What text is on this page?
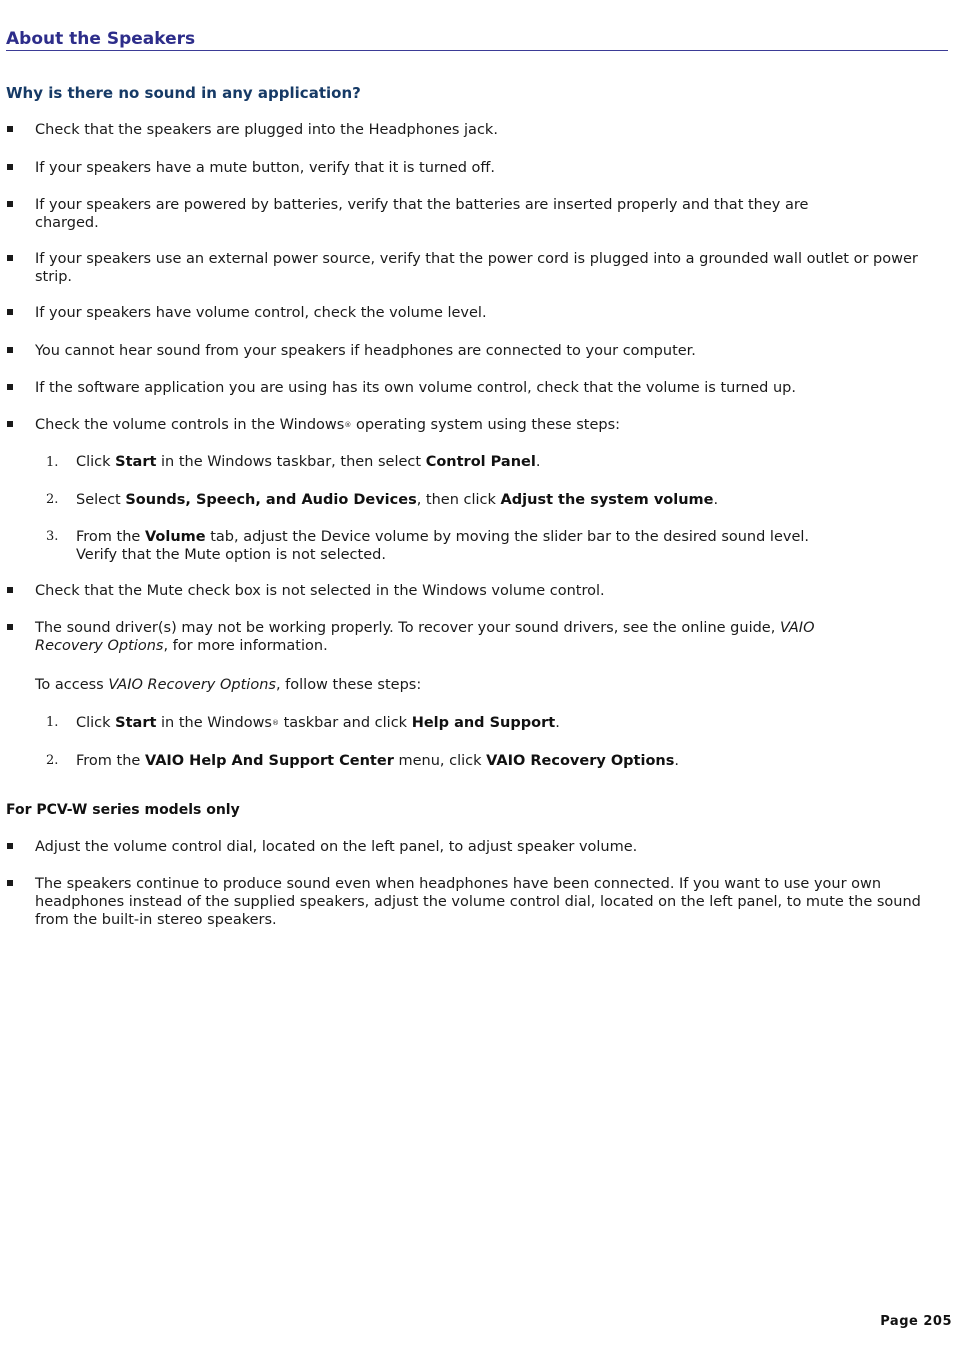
About the Speakers
Why is there no sound in any application?
Check that the speakers are plugged into the Headphones jack.
If your speakers have a mute button, verify that it is turned off.
If your speakers are powered by batteries, verify that the batteries are inserted properly and that they are charged.
If your speakers use an external power source, verify that the power cord is plugged into a grounded wall outlet or power strip.
If your speakers have volume control, check the volume level.
You cannot hear sound from your speakers if headphones are connected to your computer.
If the software application you are using has its own volume control, check that the volume is turned up.
Check the volume controls in the Windows® operating system using these steps:
1. Click Start in the Windows taskbar, then select Control Panel.
2. Select Sounds, Speech, and Audio Devices, then click Adjust the system volume.
3. From the Volume tab, adjust the Device volume by moving the slider bar to the desired sound level.
Verify that the Mute option is not selected.
Check that the Mute check box is not selected in the Windows volume control.
The sound driver(s) may not be working properly. To recover your sound drivers, see the online guide, VAIO Recovery Options, for more information.
To access VAIO Recovery Options, follow these steps:
1. Click Start in the Windows® taskbar and click Help and Support.
2. From the VAIO Help And Support Center menu, click VAIO Recovery Options.
For PCV-W series models only
Adjust the volume control dial, located on the left panel, to adjust speaker volume.
The speakers continue to produce sound even when headphones have been connected. If you want to use your own headphones instead of the supplied speakers, adjust the volume control dial, located on the left panel, to mute the sound from the built-in stereo speakers.
Page 205
